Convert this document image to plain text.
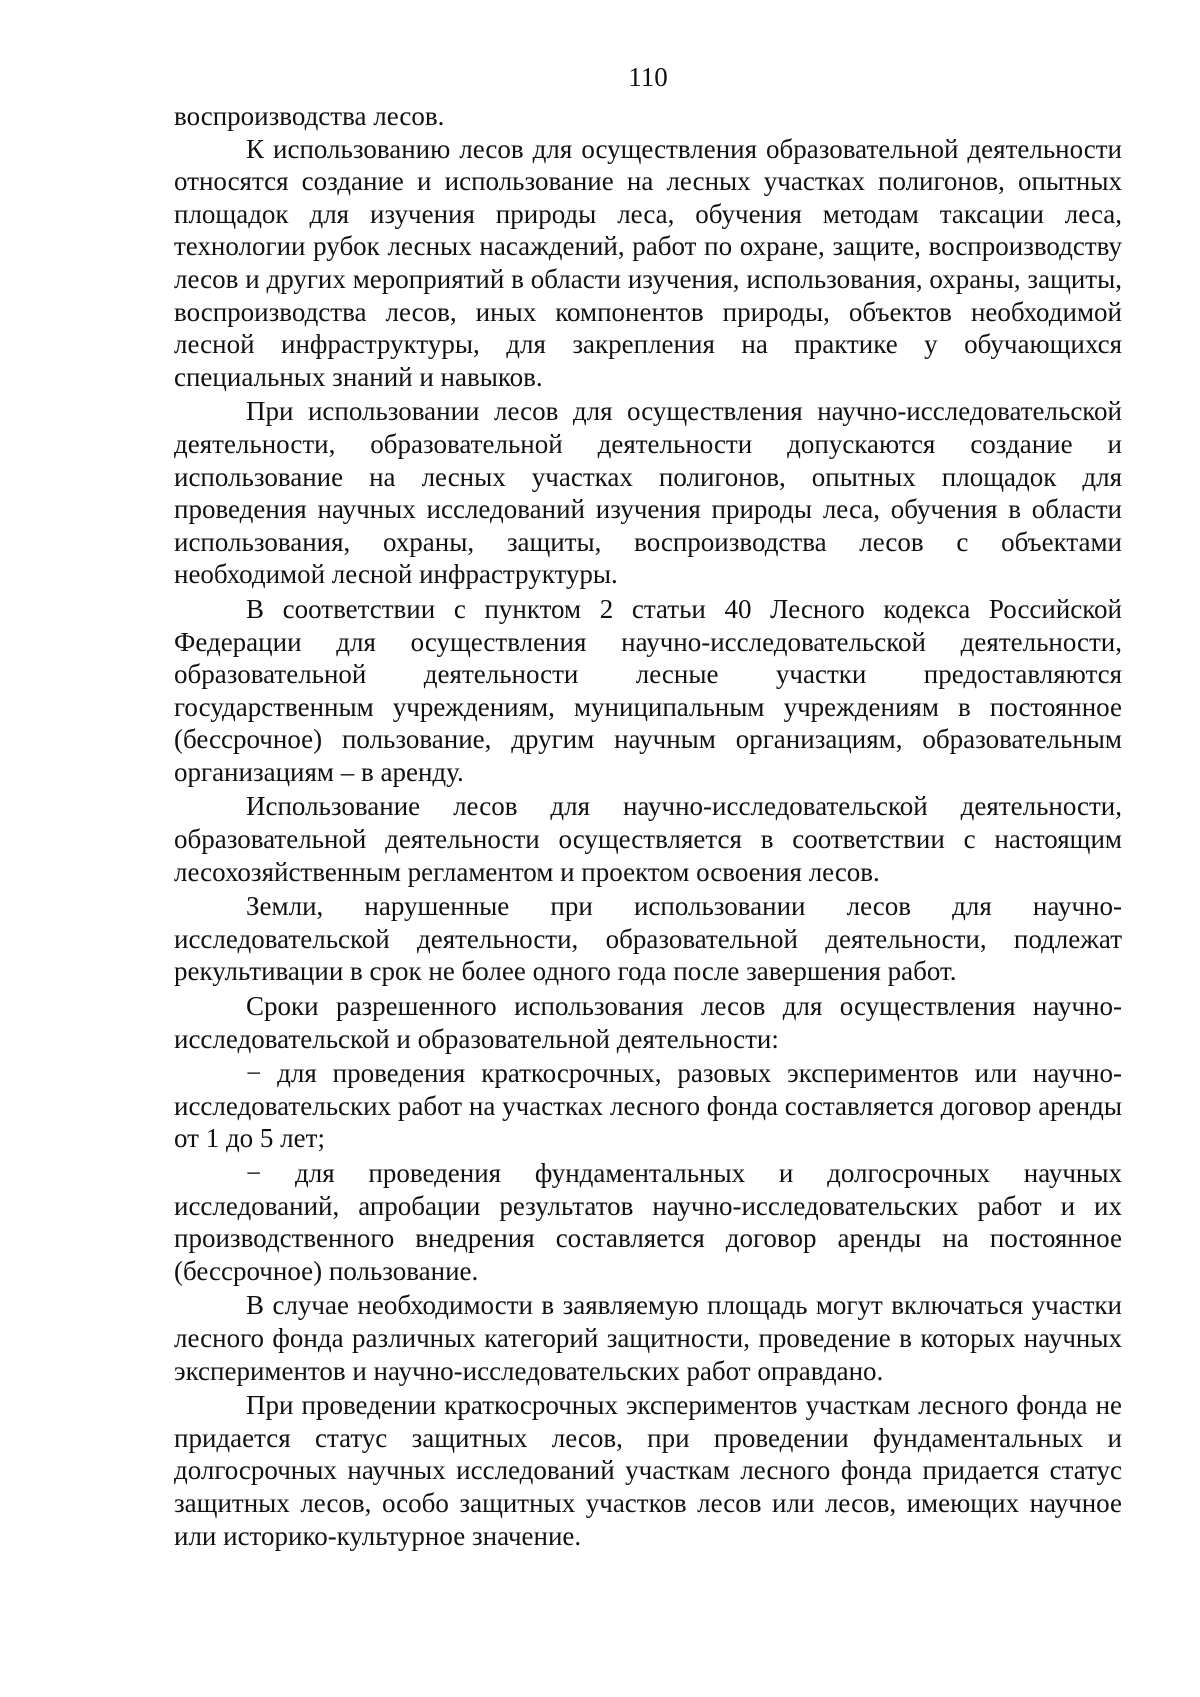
110

воспроизводства лесов.

К использованию лесов для осуществления образовательной деятельности относятся создание и использование на лесных участках полигонов, опытных площадок для изучения природы леса, обучения методам таксации леса, технологии рубок лесных насаждений, работ по охране, защите, воспроизводству лесов и других мероприятий в области изучения, использования, охраны, защиты, воспроизводства лесов, иных компонентов природы, объектов необходимой лесной инфраструктуры, для закрепления на практике у обучающихся специальных знаний и навыков.

При использовании лесов для осуществления научно-исследовательской деятельности, образовательной деятельности допускаются создание и использование на лесных участках полигонов, опытных площадок для проведения научных исследований изучения природы леса, обучения в области использования, охраны, защиты, воспроизводства лесов с объектами необходимой лесной инфраструктуры.

В соответствии с пунктом 2 статьи 40 Лесного кодекса Российской Федерации для осуществления научно-исследовательской деятельности, образовательной деятельности лесные участки предоставляются государственным учреждениям, муниципальным учреждениям в постоянное (бессрочное) пользование, другим научным организациям, образовательным организациям – в аренду.

Использование лесов для научно-исследовательской деятельности, образовательной деятельности осуществляется в соответствии с настоящим лесохозяйственным регламентом и проектом освоения лесов.

Земли, нарушенные при использовании лесов для научно-исследовательской деятельности, образовательной деятельности, подлежат рекультивации в срок не более одного года после завершения работ.

Сроки разрешенного использования лесов для осуществления научно-исследовательской и образовательной деятельности:

− для проведения краткосрочных, разовых экспериментов или научно-исследовательских работ на участках лесного фонда составляется договор аренды от 1 до 5 лет;

− для проведения фундаментальных и долгосрочных научных исследований, апробации результатов научно-исследовательских работ и их производственного внедрения составляется договор аренды на постоянное (бессрочное) пользование.

В случае необходимости в заявляемую площадь могут включаться участки лесного фонда различных категорий защитности, проведение в которых научных экспериментов и научно-исследовательских работ оправдано.

При проведении краткосрочных экспериментов участкам лесного фонда не придается статус защитных лесов, при проведении фундаментальных и долгосрочных научных исследований участкам лесного фонда придается статус защитных лесов, особо защитных участков лесов или лесов, имеющих научное или историко-культурное значение.
